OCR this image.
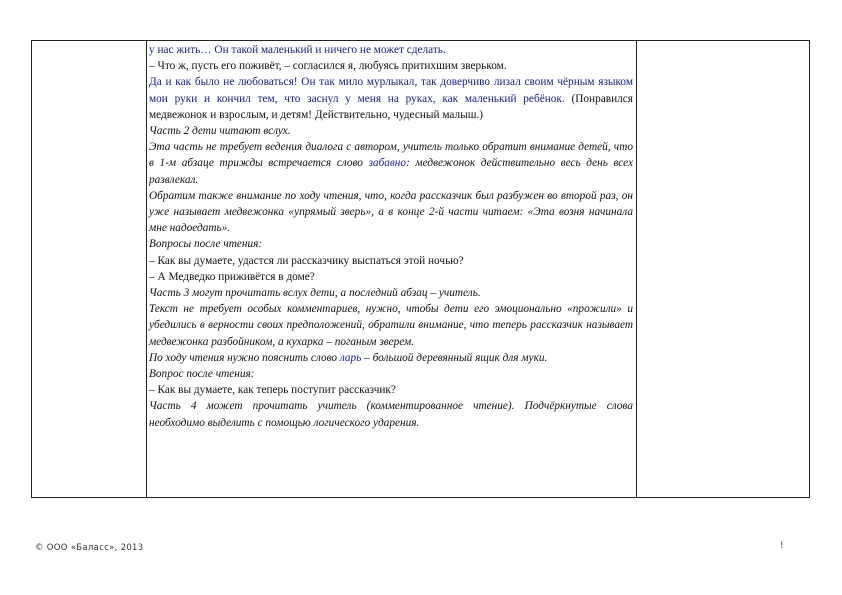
у нас жить… Он такой маленький и ничего не может сделать.

– Что ж, пусть его поживёт, – согласился я, любуясь притихшим зверьком.

Да и как было не любоваться! Он так мило мурлыкал, так доверчиво лизал своим чёрным языком мои руки и кончил тем, что заснул у меня на руках, как маленький ребёнок. (Понравился медвежонок и взрослым, и детям! Действительно, чудесный малыш.)

Часть 2 дети читают вслух.

Эта часть не требует ведения диалога с автором, учитель только обратит внимание детей, что в 1-м абзаце трижды встречается слово забавно: медвежонок действительно весь день всех развлекал.

Обратим также внимание по ходу чтения, что, когда рассказчик был разбужен во второй раз, он уже называет медвежонка «упрямый зверь», а в конце 2-й части читаем: «Эта возня начинала мне надоедать».

Вопросы после чтения:

– Как вы думаете, удастся ли рассказчику выспаться этой ночью?

– А Медведко приживётся в доме?

Часть 3 могут прочитать вслух дети, а последний абзац – учитель.

Текст не требует особых комментариев, нужно, чтобы дети его эмоционально «прожили» и убедились в верности своих предположений, обратили внимание, что теперь рассказчик называет медвежонка разбойником, а кухарка – поганым зверем.

По ходу чтения нужно пояснить слово ларь – большой деревянный ящик для муки.

Вопрос после чтения:

– Как вы думаете, как теперь поступит рассказчик?

Часть 4 может прочитать учитель (комментированное чтение). Подчёркнутые слова необходимо выделить с помощью логического ударения.

© ООО «Баласс», 2013	!
